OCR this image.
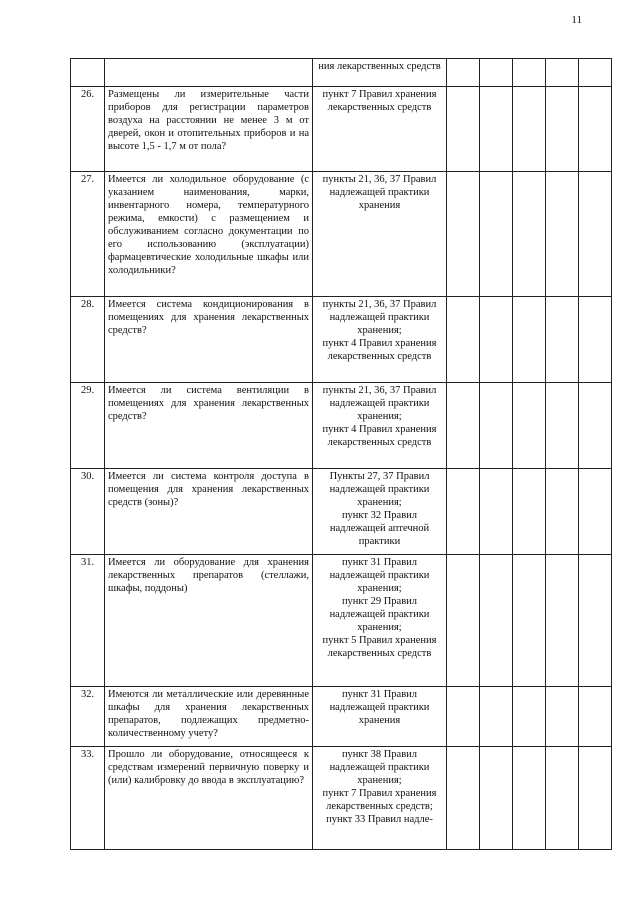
11
		ния лекарственных средств					
26.	Размещены ли измерительные части приборов для регистрации параметров воздуха на расстоянии не менее 3 м от дверей, окон и отопительных приборов и на высоте 1,5 - 1,7 м от пола?	пункт 7 Правил хранения лекарственных средств					

27.	Имеется ли холодильное оборудование (с указанием наименования, марки, инвентарного номера, температурного режима, емкости) с размещением и обслуживанием согласно документации по его использованию (эксплуатации) фармацевтические холодильные шкафы или холодильники?	пункты 21, 36, 37 Правил надлежащей практики хранения					

28.	Имеется система кондиционирования в помещениях для хранения лекарственных средств?	пункты 21, 36, 37 Правил надлежащей практики хранения;
пункт 4 Правил хранения лекарственных средств					

29.	Имеется ли система вентиляции в помещениях для хранения лекарственных средств?	пункты 21, 36, 37 Правил надлежащей практики хранения;
пункт 4 Правил хранения лекарственных средств					

30.	Имеется ли система контроля доступа в помещения для хранения лекарственных средств (зоны)?	Пункты 27, 37 Правил надлежащей практики хранения;
пункт 32 Правил надлежащей аптечной практики					

31.	Имеется ли оборудование для хранения лекарственных препаратов (стеллажи, шкафы, поддоны)	пункт 31 Правил надлежащей практики хранения;
пункт 29 Правил надлежащей практики хранения;
пункт 5 Правил хранения лекарственных средств					

32.	Имеются ли металлические или деревянные шкафы для хранения лекарственных препаратов, подлежащих предметно-количественному учету?	пункт 31 Правил надлежащей практики хранения					

33.	Прошло ли оборудование, относящееся к средствам измерений первичную поверку и (или) калибровку до ввода в эксплуатацию?	пункт 38 Правил надлежащей практики хранения;
пункт 7 Правил хранения лекарственных средств;
пункт 33 Правил надле-					
